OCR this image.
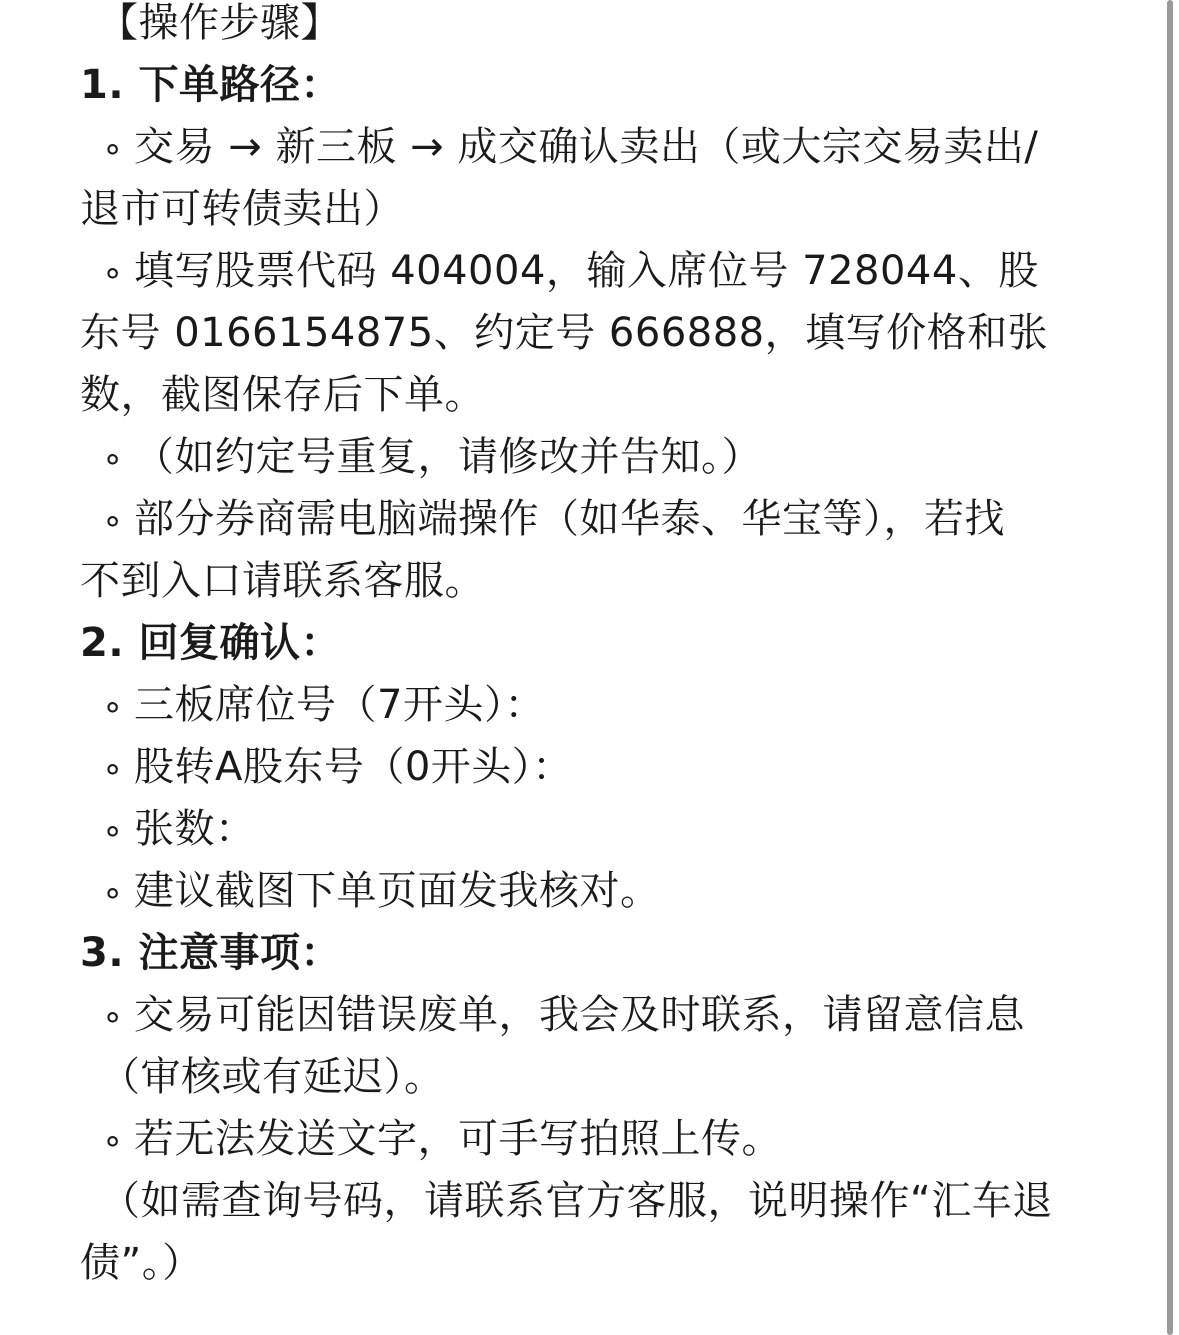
【操作步骤】
1. 下单路径：
∘ 交易 → 新三板 → 成交确认卖出（或大宗交易卖出/
退市可转债卖出）
∘ 填写股票代码 404004，输入席位号 728044、股
东号 0166154875、约定号 666888，填写价格和张
数，截图保存后下单。
∘ （如约定号重复，请修改并告知。）
∘ 部分券商需电脑端操作（如华泰、华宝等），若找
不到入口请联系客服。
2. 回复确认：
∘ 三板席位号（7开头）：
∘ 股转A股东号（0开头）：
∘ 张数：
∘ 建议截图下单页面发我核对。
3. 注意事项：
∘ 交易可能因错误废单，我会及时联系，请留意信息
（审核或有延迟）。
∘ 若无法发送文字，可手写拍照上传。
（如需查询号码，请联系官方客服，说明操作“汇车退
债”。）
